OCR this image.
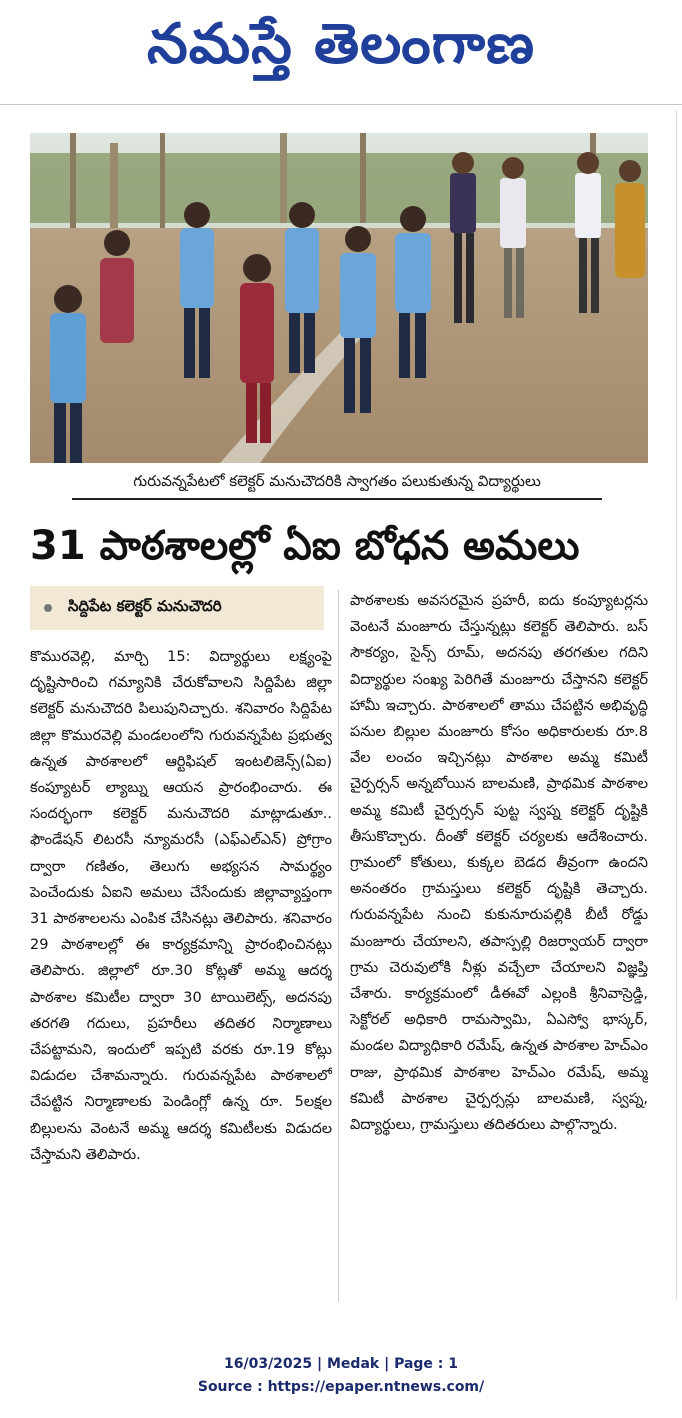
నమస్తే తెలంగాణ
గురువన్నపేటలో కలెక్టర్ మనుచౌదరికి స్వాగతం పలుకుతున్న విద్యార్థులు
31 పాఠశాలల్లో ఏఐ బోధన అమలు
సిద్దిపేట కలెక్టర్ మనుచౌదరి
కొమురవెల్లి, మార్చి 15: విద్యార్థులు లక్ష్యంపై దృష్టిసారించి గమ్యానికి చేరుకోవాలని సిద్దిపేట జిల్లా కలెక్టర్ మనుచౌదరి పిలుపునిచ్చారు. శనివారం సిద్దిపేట జిల్లా కొమురవెల్లి మండలంలోని గురువన్నపేట ప్రభుత్వ ఉన్నత పాఠశాలలో ఆర్టిఫిషల్ ఇంటలిజెన్స్(ఏఐ) కంప్యూటర్ ల్యాబ్ను ఆయన ప్రారంభించారు. ఈ సందర్భంగా కలెక్టర్ మనుచౌదరి మాట్లాడుతూ.. ఫౌండేషన్ లిటరసీ న్యూమరసీ (ఎఫ్ఎల్ఎన్) ప్రోగ్రాం ద్వారా గణితం, తెలుగు అభ్యసన సామర్థ్యం పెంచేందుకు ఏఐని అమలు చేసేందుకు జిల్లావ్యాప్తంగా 31 పాఠశాలలను ఎంపిక చేసినట్లు తెలిపారు. శనివారం 29 పాఠశాలల్లో ఈ కార్యక్రమాన్ని ప్రారంభించినట్లు తెలిపారు. జిల్లాలో రూ.30 కోట్లతో అమ్మ ఆదర్శ పాఠశాల కమిటీల ద్వారా 30 టాయిలెట్స్, అదనపు తరగతి గదులు, ప్రహరీలు తదితర నిర్మాణాలు చేపట్టామని, ఇందులో ఇప్పటి వరకు రూ.19 కోట్లు విడుదల చేశామన్నారు. గురువన్నపేట పాఠశాలలో చేపట్టిన నిర్మాణాలకు పెండింగ్లో ఉన్న రూ. 5లక్షల బిల్లులను వెంటనే అమ్మ ఆదర్శ కమిటీలకు విడుదల చేస్తామని తెలిపారు.
పాఠశాలకు అవసరమైన ప్రహరీ, ఐదు కంప్యూటర్లను వెంటనే మంజూరు చేస్తున్నట్లు కలెక్టర్ తెలిపారు. బస్ సౌకర్యం, సైన్స్ రూమ్, అదనపు తరగతుల గదిని విద్యార్థుల సంఖ్య పెరిగితే మంజూరు చేస్తానని కలెక్టర్ హామీ ఇచ్చారు. పాఠశాలలో తాము చేపట్టిన అభివృద్ధి పనుల బిల్లుల మంజూరు కోసం అధికారులకు రూ.8 వేల లంచం ఇచ్చినట్లు పాఠశాల అమ్మ కమిటీ చైర్పర్సన్ అన్నబోయిన బాలమణి, ప్రాథమిక పాఠశాల అమ్మ కమిటీ చైర్పర్సన్ పుట్ట స్వప్న కలెక్టర్ దృష్టికి తీసుకొచ్చారు. దీంతో కలెక్టర్ చర్యలకు ఆదేశించారు. గ్రామంలో కోతులు, కుక్కల బెడద తీవ్రంగా ఉందని అనంతరం గ్రామస్తులు కలెక్టర్ దృష్టికి తెచ్చారు. గురువన్నపేట నుంచి కుకునూరుపల్లికి బీటీ రోడ్డు మంజూరు చేయాలని, తపాస్పల్లి రిజర్వాయర్ ద్వారా గ్రామ చెరువులోకి నీళ్లు వచ్చేలా చేయాలని విజ్ఞప్తి చేశారు. కార్యక్రమంలో డీఈవో ఎల్లంకి శ్రీనివాస్రెడ్డి, సెక్టోరల్ అధికారి రామస్వామి, ఏఎస్వో భాస్కర్, మండల విద్యాధికారి రమేష్, ఉన్నత పాఠశాల హెచ్ఎం రాజు, ప్రాథమిక పాఠశాల హెచ్ఎం రమేష్, అమ్మ కమిటీ పాఠశాల చైర్పర్సన్లు బాలమణి, స్వప్న, విద్యార్థులు, గ్రామస్తులు తదితరులు పాల్గొన్నారు.
16/03/2025 | Medak | Page : 1
Source : https://epaper.ntnews.com/
